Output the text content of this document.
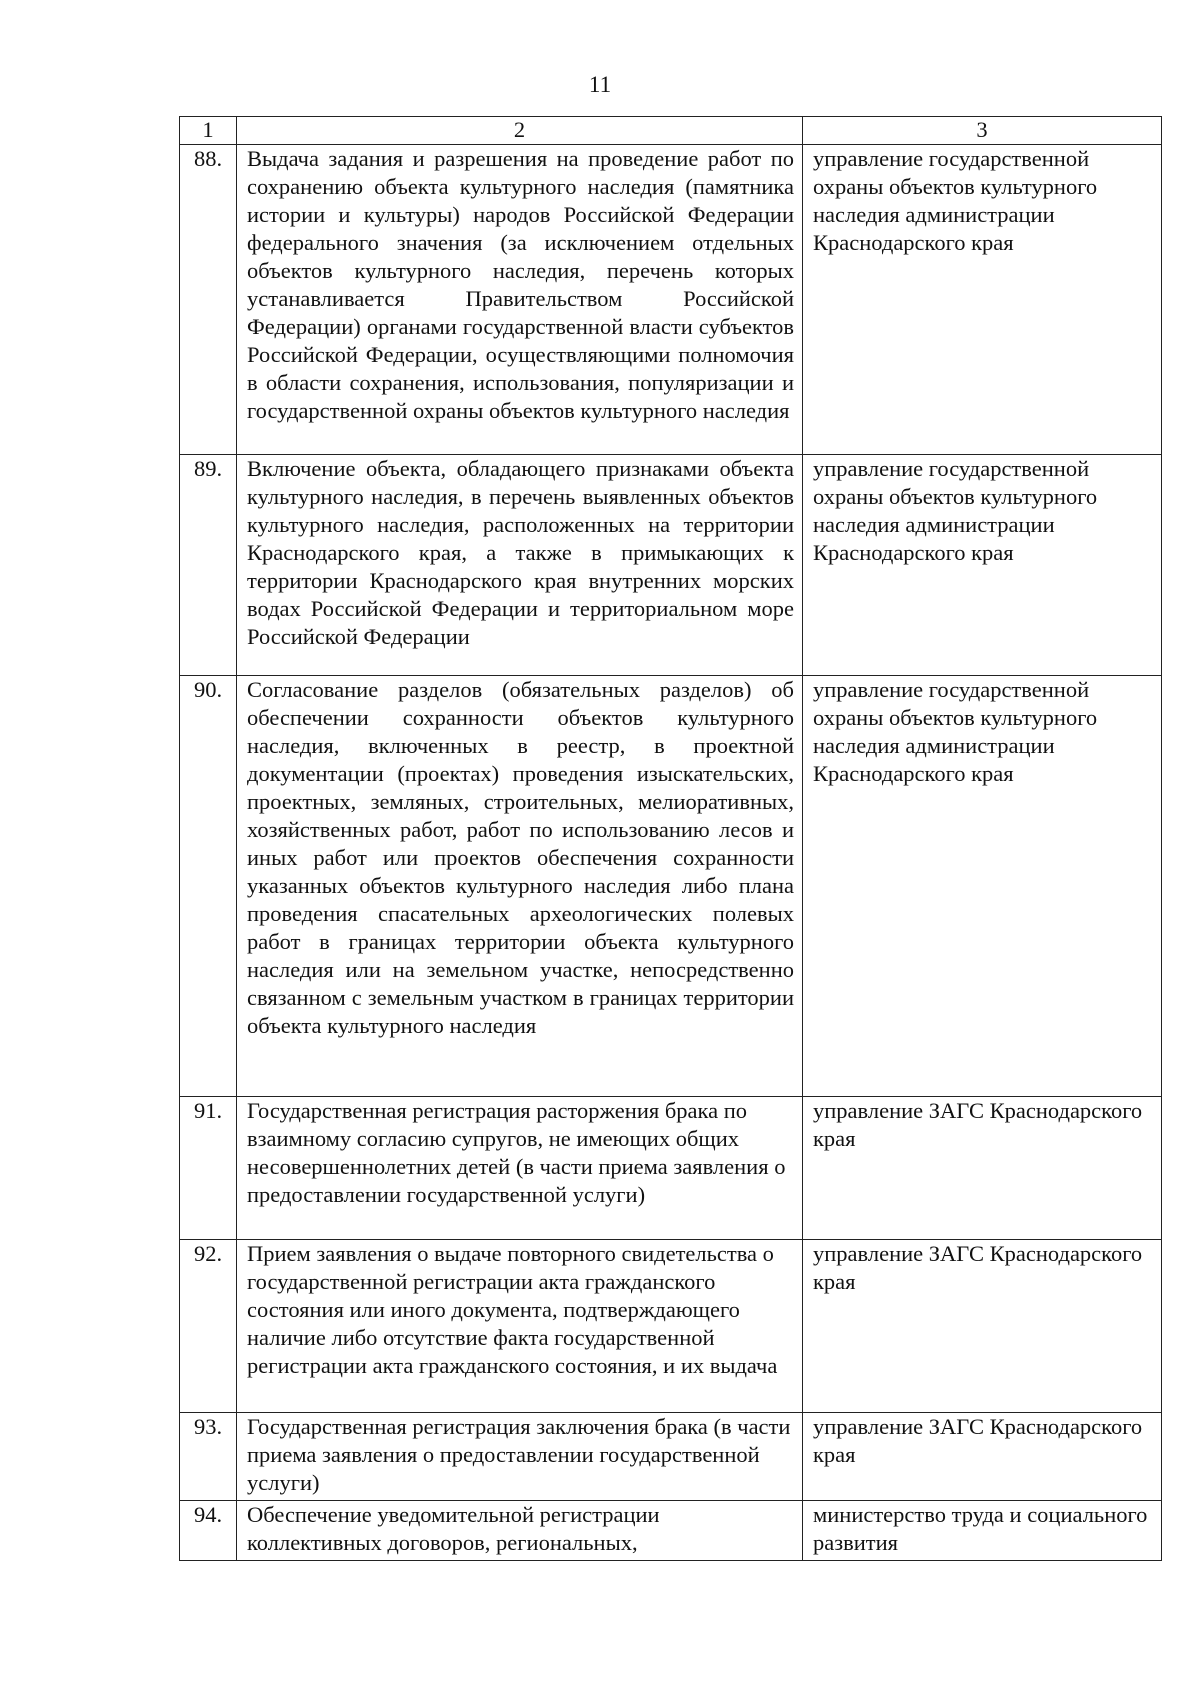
11
1	2	3
88.	Выдача задания и разрешения на проведение работ по сохранению объекта культурного наследия (памятника истории и культуры) народов Российской Федерации федерального значения (за исключением отдельных объектов культурного наследия, перечень которых устанавливается Правительством Российской Федерации) органами государственной власти субъектов Российской Федерации, осуществляющими полномочия в области сохранения, использования, популяризации и государственной охраны объектов культурного наследия	управление государственной охраны объектов культурного наследия администрации Краснодарского края
89.	Включение объекта, обладающего признаками объекта культурного наследия, в перечень выявленных объектов культурного наследия, расположенных на территории Краснодарского края, а также в примыкающих к территории Краснодарского края внутренних морских водах Российской Федерации и территориальном море Российской Федерации	управление государственной охраны объектов культурного наследия администрации Краснодарского края
90.	Согласование разделов (обязательных разделов) об обеспечении сохранности объектов культурного наследия, включенных в реестр, в проектной документации (проектах) проведения изыскательских, проектных, земляных, строительных, мелиоративных, хозяйственных работ, работ по использованию лесов и иных работ или проектов обеспечения сохранности указанных объектов культурного наследия либо плана проведения спасательных археологических полевых работ в границах территории объекта культурного наследия или на земельном участке, непосредственно связанном с земельным участком в границах территории объекта культурного наследия	управление государственной охраны объектов культурного наследия администрации Краснодарского края
91.	Государственная регистрация расторжения брака по взаимному согласию супругов, не имеющих общих несовершеннолетних детей (в части приема заявления о предоставлении государственной услуги)	управление ЗАГС Краснодарского края
92.	Прием заявления о выдаче повторного свидетельства о государственной регистрации акта гражданского состояния или иного документа, подтверждающего наличие либо отсутствие факта государственной регистрации акта гражданского состояния, и их выдача	управление ЗАГС Краснодарского края
93.	Государственная регистрация заключения брака (в части приема заявления о предоставлении государственной услуги)	управление ЗАГС Краснодарского края
94.	Обеспечение уведомительной регистрации коллективных договоров, региональных,	министерство труда и социального развития
